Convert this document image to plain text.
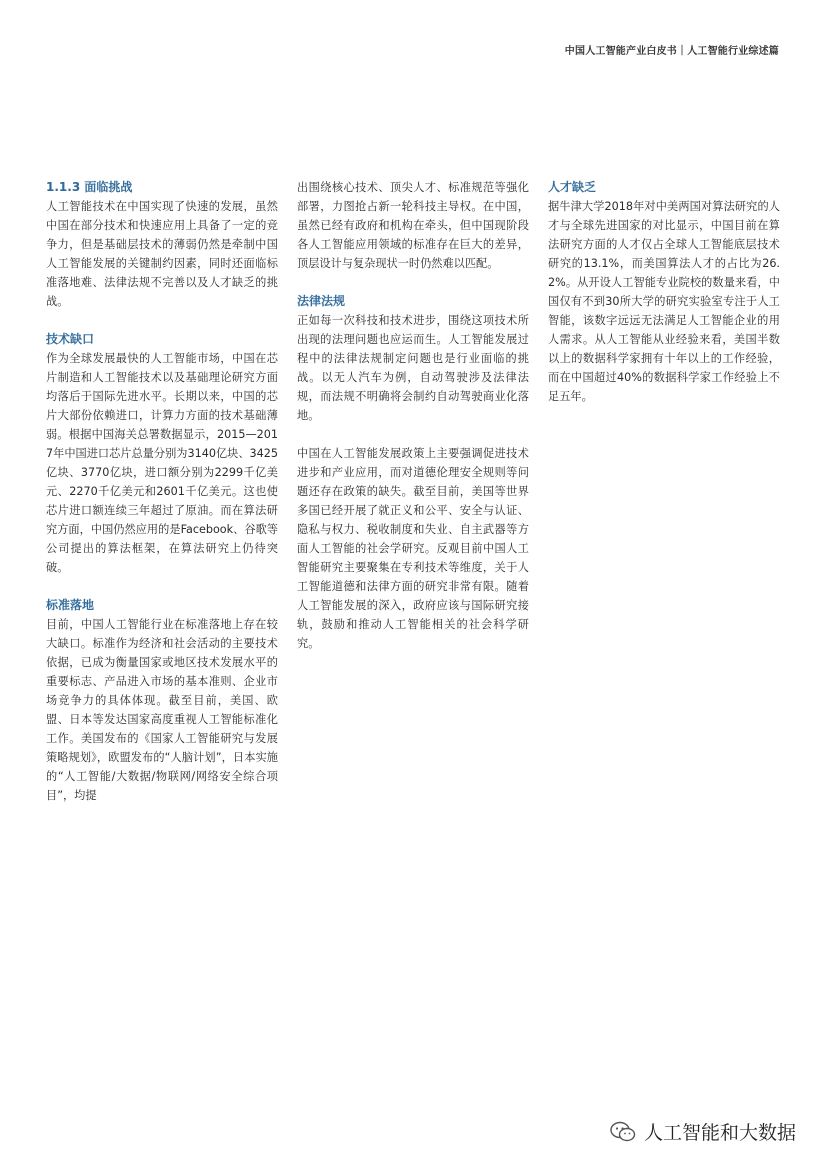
中国人工智能产业白皮书｜人工智能行业综述篇
1.1.3 面临挑战

人工智能技术在中国实现了快速的发展，虽然中国在部分技术和快速应用上具备了一定的竞争力，但是基础层技术的薄弱仍然是牵制中国人工智能发展的关键制约因素，同时还面临标准落地难、法律法规不完善以及人才缺乏的挑战。

技术缺口

作为全球发展最快的人工智能市场，中国在芯片制造和人工智能技术以及基础理论研究方面均落后于国际先进水平。长期以来，中国的芯片大部份依赖进口，计算力方面的技术基础薄弱。根据中国海关总署数据显示，2015—2017年中国进口芯片总量分别为3140亿块、3425亿块、3770亿块，进口额分别为2299千亿美元、2270千亿美元和2601千亿美元。这也使芯片进口额连续三年超过了原油。而在算法研究方面，中国仍然应用的是Facebook、谷歌等公司提出的算法框架，在算法研究上仍待突破。

标准落地

目前，中国人工智能行业在标准落地上存在较大缺口。标准作为经济和社会活动的主要技术依据，已成为衡量国家或地区技术发展水平的重要标志、产品进入市场的基本准则、企业市场竞争力的具体体现。截至目前，美国、欧盟、日本等发达国家高度重视人工智能标准化工作。美国发布的《国家人工智能研究与发展策略规划》，欧盟发布的“人脑计划”，日本实施的“人工智能/大数据/物联网/网络安全综合项目”，均提

出围绕核心技术、顶尖人才、标准规范等强化部署，力图抢占新一轮科技主导权。在中国，虽然已经有政府和机构在牵头，但中国现阶段各人工智能应用领域的标准存在巨大的差异，顶层设计与复杂现状一时仍然难以匹配。

法律法规

正如每一次科技和技术进步，围绕这项技术所出现的法理问题也应运而生。人工智能发展过程中的法律法规制定问题也是行业面临的挑战。以无人汽车为例，自动驾驶涉及法律法规，而法规不明确将会制约自动驾驶商业化落地。

中国在人工智能发展政策上主要强调促进技术进步和产业应用，而对道德伦理安全规则等问题还存在政策的缺失。截至目前，美国等世界多国已经开展了就正义和公平、安全与认证、隐私与权力、税收制度和失业、自主武器等方面人工智能的社会学研究。反观目前中国人工智能研究主要聚集在专利技术等维度，关于人工智能道德和法律方面的研究非常有限。随着人工智能发展的深入，政府应该与国际研究接轨，鼓励和推动人工智能相关的社会科学研究。

人才缺乏

据牛津大学2018年对中美两国对算法研究的人才与全球先进国家的对比显示，中国目前在算法研究方面的人才仅占全球人工智能底层技术研究的13.1%，而美国算法人才的占比为26.2%。从开设人工智能专业院校的数量来看，中国仅有不到30所大学的研究实验室专注于人工智能，该数字远远无法满足人工智能企业的用人需求。从人工智能从业经验来看，美国半数以上的数据科学家拥有十年以上的工作经验，而在中国超过40%的数据科学家工作经验上不足五年。

人工智能和大数据
